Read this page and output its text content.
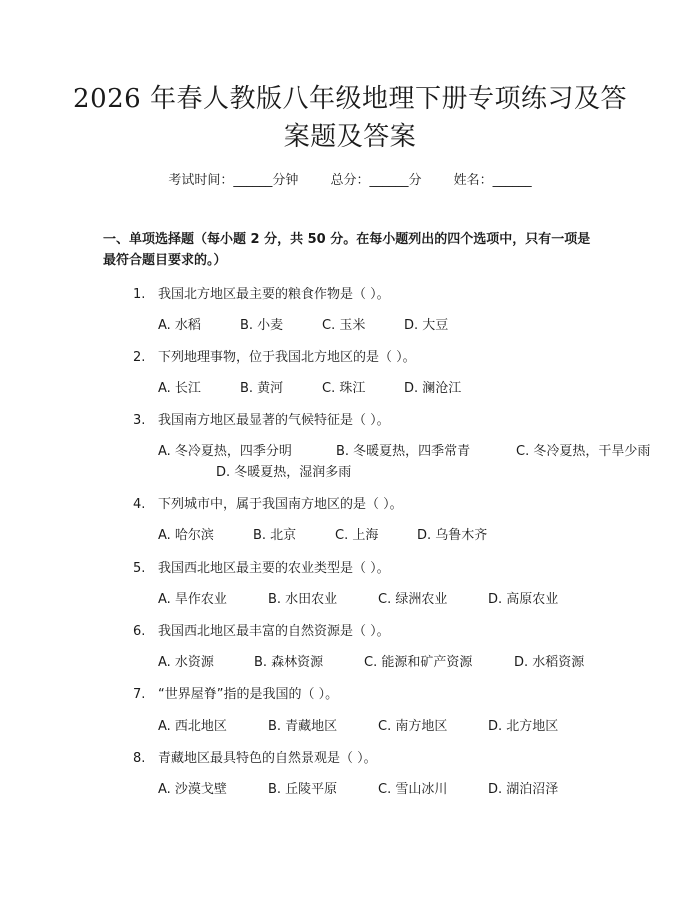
2026 年春人教版八年级地理下册专项练习及答案题及答案
考试时间：______分钟 总分：______分 姓名：______
一、单项选择题（每小题 2 分，共 50 分。在每小题列出的四个选项中，只有一项是最符合题目要求的。）
1. 我国北方地区最主要的粮食作物是（ ）。
A. 水稻	B. 小麦	C. 玉米	D. 大豆
2. 下列地理事物，位于我国北方地区的是（ ）。
A. 长江	B. 黄河	C. 珠江	D. 澜沧江
3. 我国南方地区最显著的气候特征是（ ）。
A. 冬冷夏热，四季分明	B. 冬暖夏热，四季常青	C. 冬冷夏热，干旱少雨
D. 冬暖夏热，湿润多雨
4. 下列城市中，属于我国南方地区的是（ ）。
A. 哈尔滨	B. 北京	C. 上海	D. 乌鲁木齐
5. 我国西北地区最主要的农业类型是（ ）。
A. 旱作农业	B. 水田农业	C. 绿洲农业	D. 高原农业
6. 我国西北地区最丰富的自然资源是（ ）。
A. 水资源	B. 森林资源	C. 能源和矿产资源	D. 水稻资源
7. “世界屋脊”指的是我国的（ ）。
A. 西北地区	B. 青藏地区	C. 南方地区	D. 北方地区
8. 青藏地区最具特色的自然景观是（ ）。
A. 沙漠戈壁	B. 丘陵平原	C. 雪山冰川	D. 湖泊沼泽
